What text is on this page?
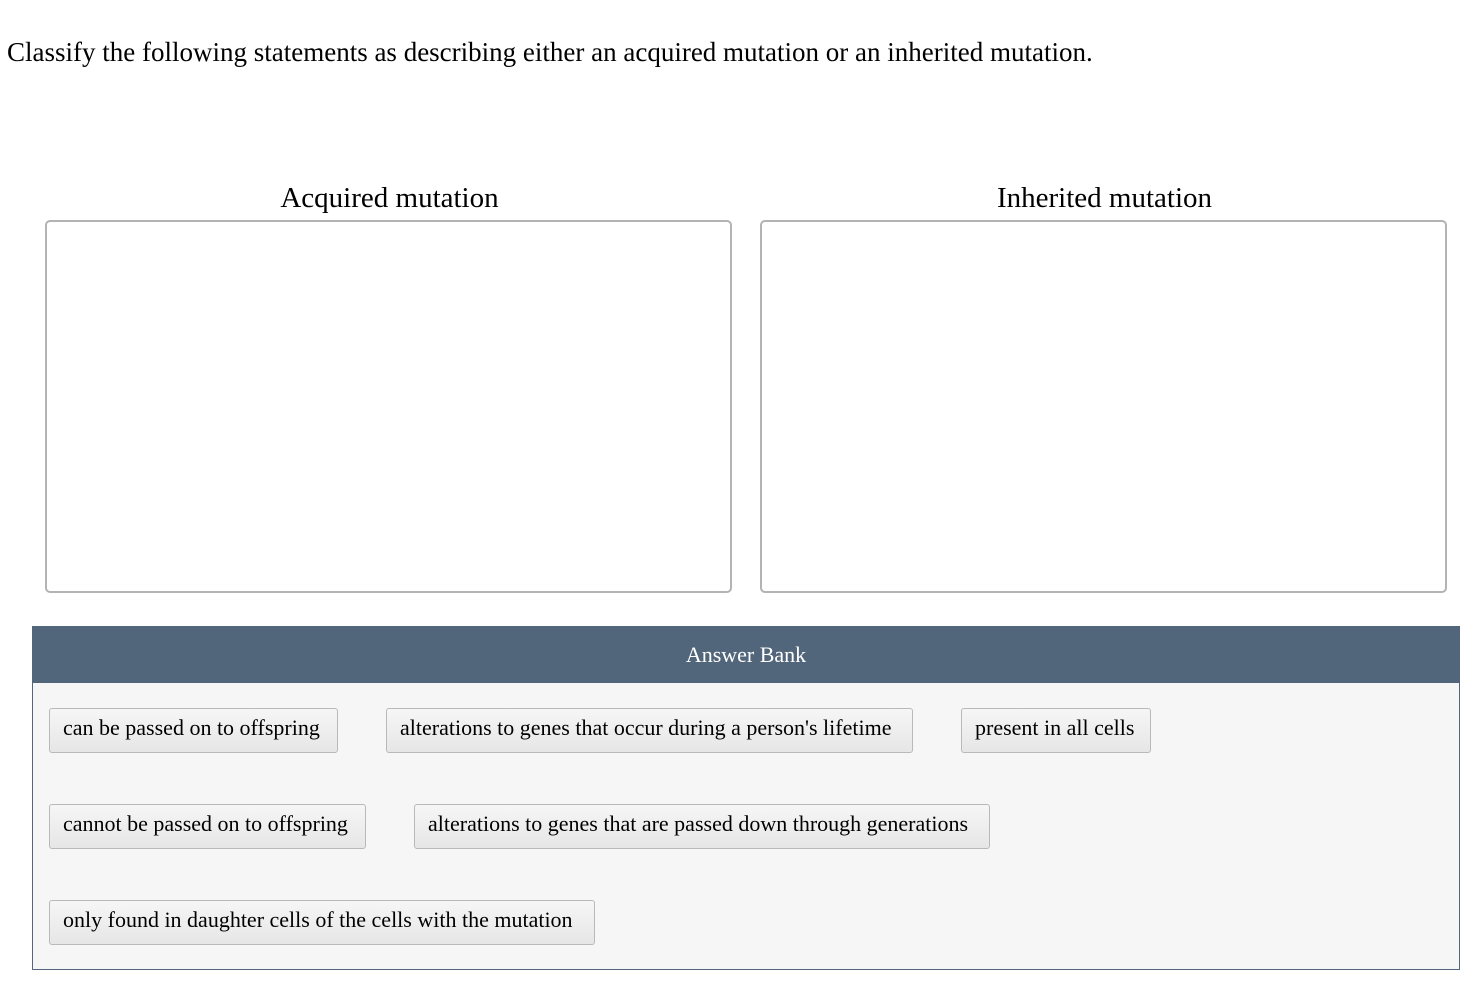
Classify the following statements as describing either an acquired mutation or an inherited mutation.
Acquired mutation	Inherited mutation
Answer Bank
can be passed on to offspring	alterations to genes that occur during a person's lifetime	present in all cells
cannot be passed on to offspring	alterations to genes that are passed down through generations
only found in daughter cells of the cells with the mutation
